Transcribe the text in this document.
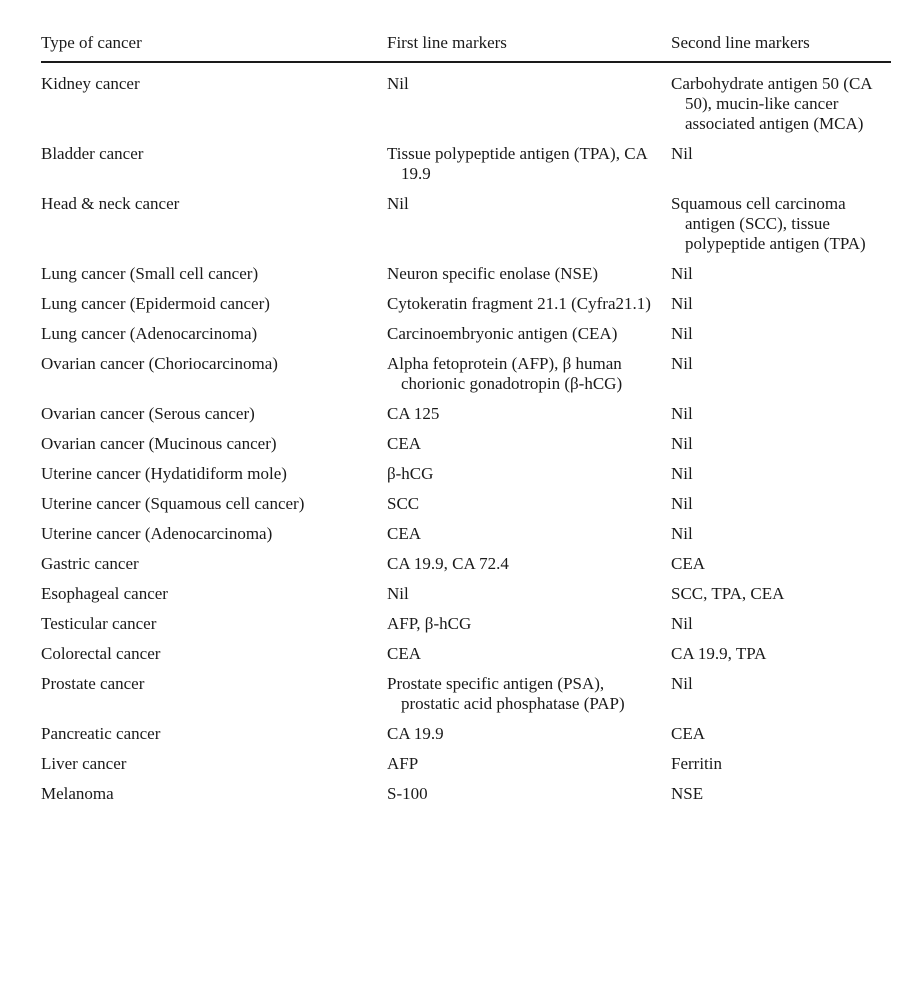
Type of cancer	First line markers	Second line markers

Kidney cancer	Nil	Carbohydrate antigen 50 (CA 50), mucin-like cancer associated antigen (MCA)

Bladder cancer	Tissue polypeptide antigen (TPA), CA 19.9	Nil

Head & neck cancer	Nil	Squamous cell carcinoma antigen (SCC), tissue polypeptide antigen (TPA)

Lung cancer (Small cell cancer)	Neuron specific enolase (NSE)	Nil

Lung cancer (Epidermoid cancer)	Cytokeratin fragment 21.1 (Cyfra21.1)	Nil

Lung cancer (Adenocarcinoma)	Carcinoembryonic antigen (CEA)	Nil

Ovarian cancer (Choriocarcinoma)	Alpha fetoprotein (AFP), β human chorionic gonadotropin (β-hCG)	Nil

Ovarian cancer (Serous cancer)	CA 125	Nil

Ovarian cancer (Mucinous cancer)	CEA	Nil

Uterine cancer (Hydatidiform mole)	β-hCG	Nil

Uterine cancer (Squamous cell cancer)	SCC	Nil

Uterine cancer (Adenocarcinoma)	CEA	Nil

Gastric cancer	CA 19.9, CA 72.4	CEA

Esophageal cancer	Nil	SCC, TPA, CEA

Testicular cancer	AFP, β-hCG	Nil

Colorectal cancer	CEA	CA 19.9, TPA

Prostate cancer	Prostate specific antigen (PSA), prostatic acid phosphatase (PAP)	Nil

Pancreatic cancer	CA 19.9	CEA

Liver cancer	AFP	Ferritin

Melanoma	S-100	NSE
